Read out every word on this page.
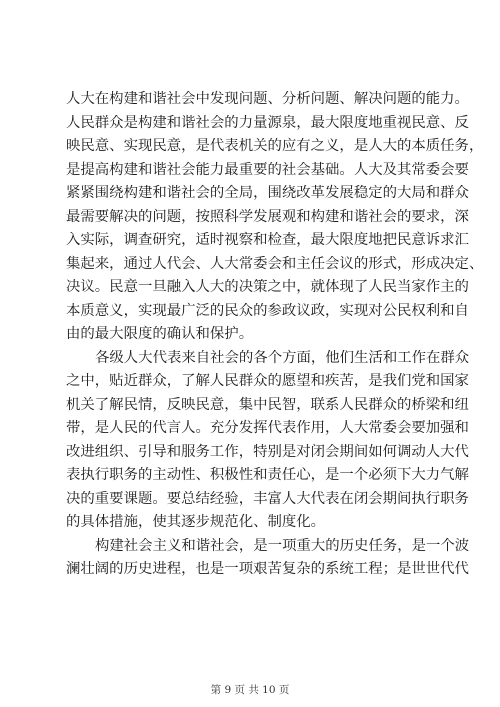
人大在构建和谐社会中发现问题、分析问题、解决问题的能力。
人民群众是构建和谐社会的力量源泉，最大限度地重视民意、反
映民意、实现民意，是代表机关的应有之义，是人大的本质任务，
是提高构建和谐社会能力最重要的社会基础。人大及其常委会要
紧紧围绕构建和谐社会的全局，围绕改革发展稳定的大局和群众
最需要解决的问题，按照科学发展观和构建和谐社会的要求，深
入实际，调查研究，适时视察和检查，最大限度地把民意诉求汇
集起来，通过人代会、人大常委会和主任会议的形式，形成决定、
决议。民意一旦融入人大的决策之中，就体现了人民当家作主的
本质意义，实现最广泛的民众的参政议政，实现对公民权利和自
由的最大限度的确认和保护。
各级人大代表来自社会的各个方面，他们生活和工作在群众
之中，贴近群众，了解人民群众的愿望和疾苦，是我们党和国家
机关了解民情，反映民意，集中民智，联系人民群众的桥梁和纽
带，是人民的代言人。充分发挥代表作用，人大常委会要加强和
改进组织、引导和服务工作，特别是对闭会期间如何调动人大代
表执行职务的主动性、积极性和责任心，是一个必须下大力气解
决的重要课题。要总结经验，丰富人大代表在闭会期间执行职务
的具体措施，使其逐步规范化、制度化。
构建社会主义和谐社会，是一项重大的历史任务，是一个波
澜壮阔的历史进程，也是一项艰苦复杂的系统工程；是世世代代
第 9 页 共 10 页
